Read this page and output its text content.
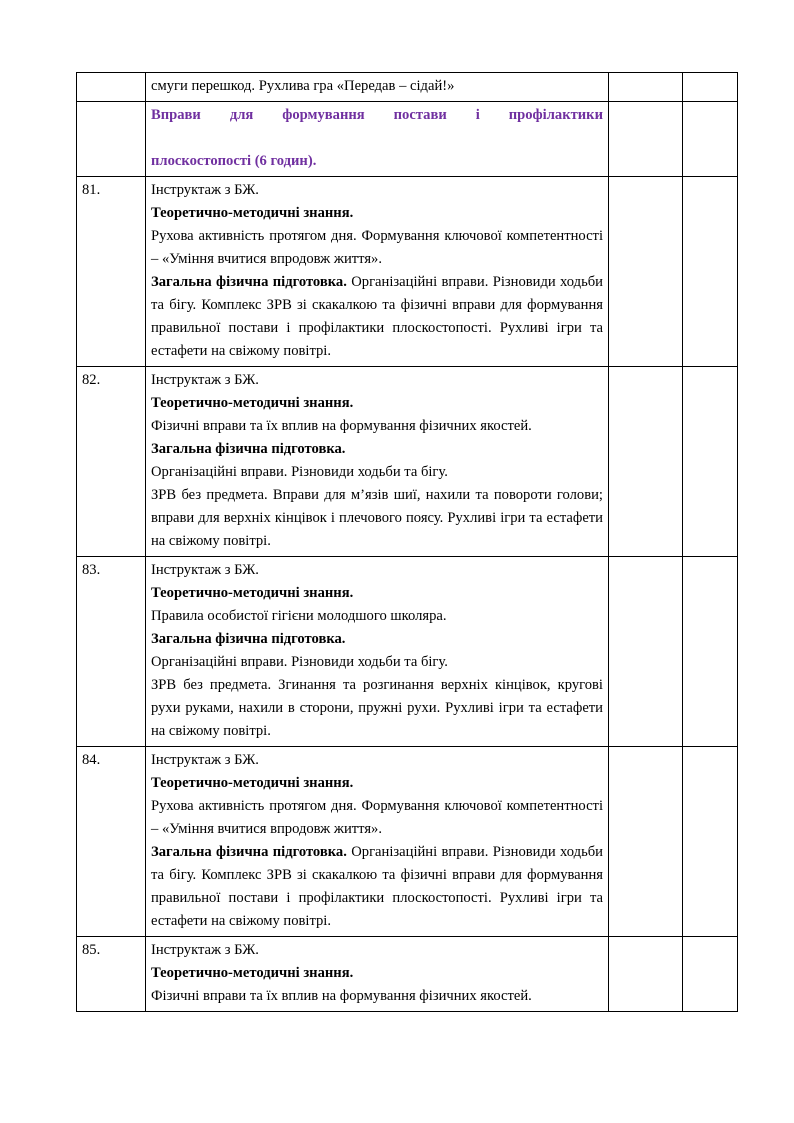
	смуги перешкод. Рухлива гра «Передав – сідай!»		

	Вправи для формування постави і профілактики
плоскостопості (6 годин).		

81.	Інструктаж з БЖ.
Теоретично-методичні знання.
Рухова активність протягом дня. Формування ключової компетентності – «Уміння вчитися впродовж життя».
Загальна фізична підготовка. Організаційні вправи. Різновиди ходьби та бігу. Комплекс ЗРВ зі скакалкою та фізичні вправи для формування правильної постави і профілактики плоскостопості. Рухливі ігри та естафети на свіжому повітрі.		

82.	Інструктаж з БЖ.
Теоретично-методичні знання.
Фізичні вправи та їх вплив на формування фізичних якостей.
Загальна фізична підготовка.
Організаційні вправи. Різновиди ходьби та бігу.
ЗРВ без предмета. Вправи для м’язів шиї, нахили та повороти голови; вправи для верхніх кінцівок і плечового поясу. Рухливі ігри та естафети на свіжому повітрі.

83.	Інструктаж з БЖ.
Теоретично-методичні знання.
Правила особистої гігієни молодшого школяра.
Загальна фізична підготовка.
Організаційні вправи. Різновиди ходьби та бігу.
ЗРВ без предмета. Згинання та розгинання верхніх кінцівок, кругові рухи руками, нахили в сторони, пружні рухи. Рухливі ігри та естафети на свіжому повітрі.

84.	Інструктаж з БЖ.
Теоретично-методичні знання.
Рухова активність протягом дня. Формування ключової компетентності – «Уміння вчитися впродовж життя».
Загальна фізична підготовка. Організаційні вправи. Різновиди ходьби та бігу. Комплекс ЗРВ зі скакалкою та фізичні вправи для формування правильної постави і профілактики плоскостопості. Рухливі ігри та естафети на свіжому повітрі.		

85.	Інструктаж з БЖ.
Теоретично-методичні знання.
Фізичні вправи та їх вплив на формування фізичних якостей.		
